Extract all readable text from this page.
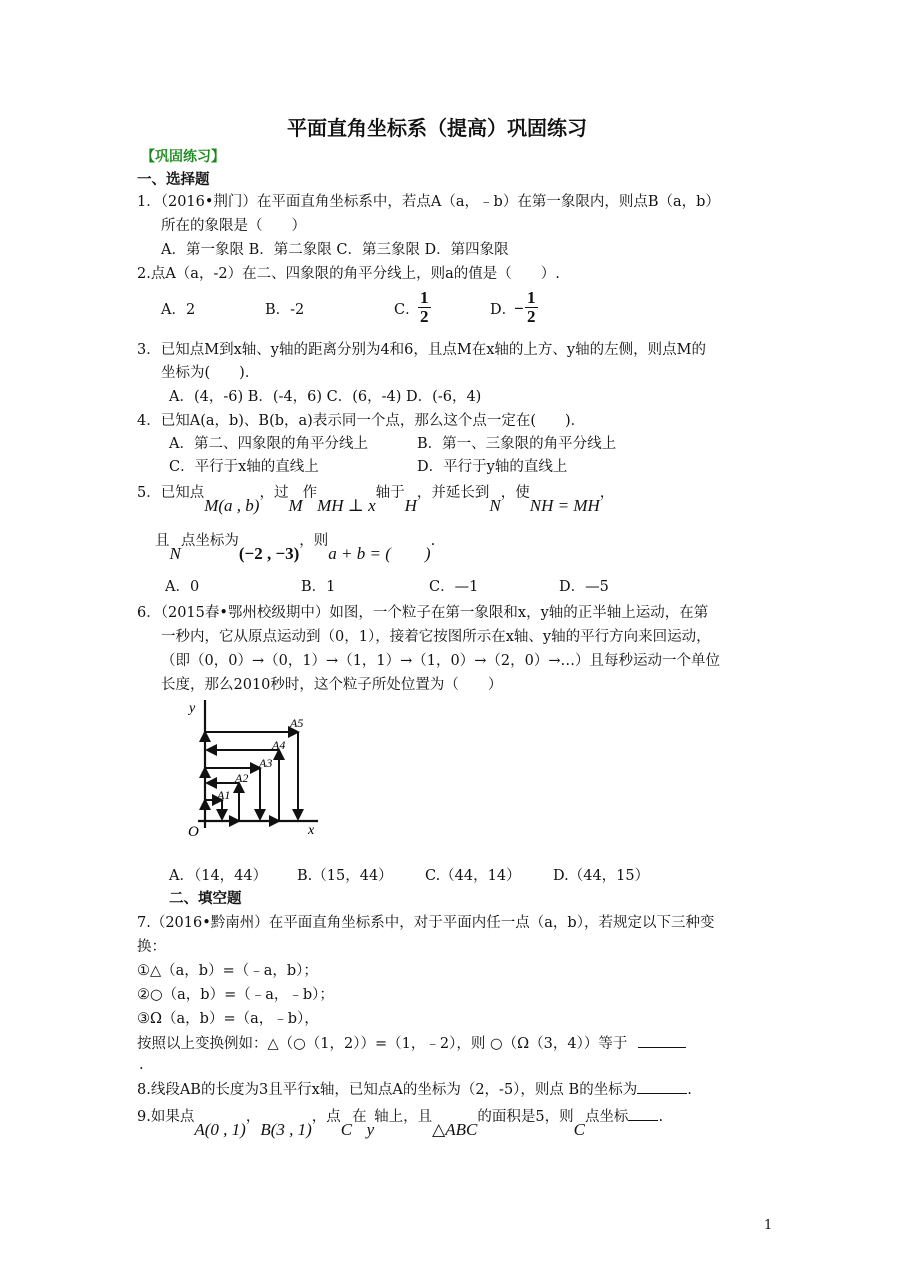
平面直角坐标系（提高）巩固练习
【巩固练习】
一、选择题
1．（2016•荆门）在平面直角坐标系中，若点A（a，﹣b）在第一象限内，则点B（a，b）
所在的象限是（　　）
A．第一象限 B．第二象限 C．第三象限 D．第四象限
2.点A（a，-2）在二、四象限的角平分线上，则a的值是（　　）.
A．2	B．-2	C．
$\frac{1}{2}$	D．
− $\frac{1}{2}$
3．已知点M到x轴、y轴的距离分别为4和6，且点M在x轴的上方、y轴的左侧，则点M的
坐标为(　　)．
A．(4，-6) B．(-4，6) C．(6，-4) D．(-6，4)
4．已知A(a，b)、B(b，a)表示同一个点，那么这个点一定在(　　)．
A．第二、四象限的角平分线上	B．第一、三象限的角平分线上
C．平行于x轴的直线上	D．平行于y轴的直线上
5．已知点M(a , b)，过M作MH ⊥ x轴于H，并延长到N，使NH = MH，
且N点坐标为(−2 , −3)，则a + b = (　　).
A．0	B．1	C．—1	D．—5
6．（2015春•鄂州校级期中）如图，一个粒子在第一象限和x，y轴的正半轴上运动，在第
一秒内，它从原点运动到（0，1），接着它按图所示在x轴、y轴的平行方向来回运动，
（即（0，0）→（0，1）→（1，1）→（1，0）→（2，0）→…）且每秒运动一个单位
长度，那么2010秒时，这个粒子所处位置为（　　）
y
x
O
A1
A2
A3
A4
A5
A．（14，44） B.（15，44） C.（44，14） D.（44，15）
二、填空题
7.（2016•黔南州）在平面直角坐标系中，对于平面内任一点（a，b），若规定以下三种变
换：
①△（a，b）=（﹣a，b）；
②○（a，b）=（﹣a，﹣b）；
③Ω（a，b）=（a，﹣b），
按照以上变换例如：△（○（1，2））=（1，﹣2），则 ○（Ω（3，4））等于
.
8.线段AB的长度为3且平行x轴，已知点A的坐标为（2，-5），则点 B的坐标为	.
9.如果点A(0 , 1)，B(3 , 1)，点C在y轴上，且△ABC的面积是5，则C点坐标 .
1
